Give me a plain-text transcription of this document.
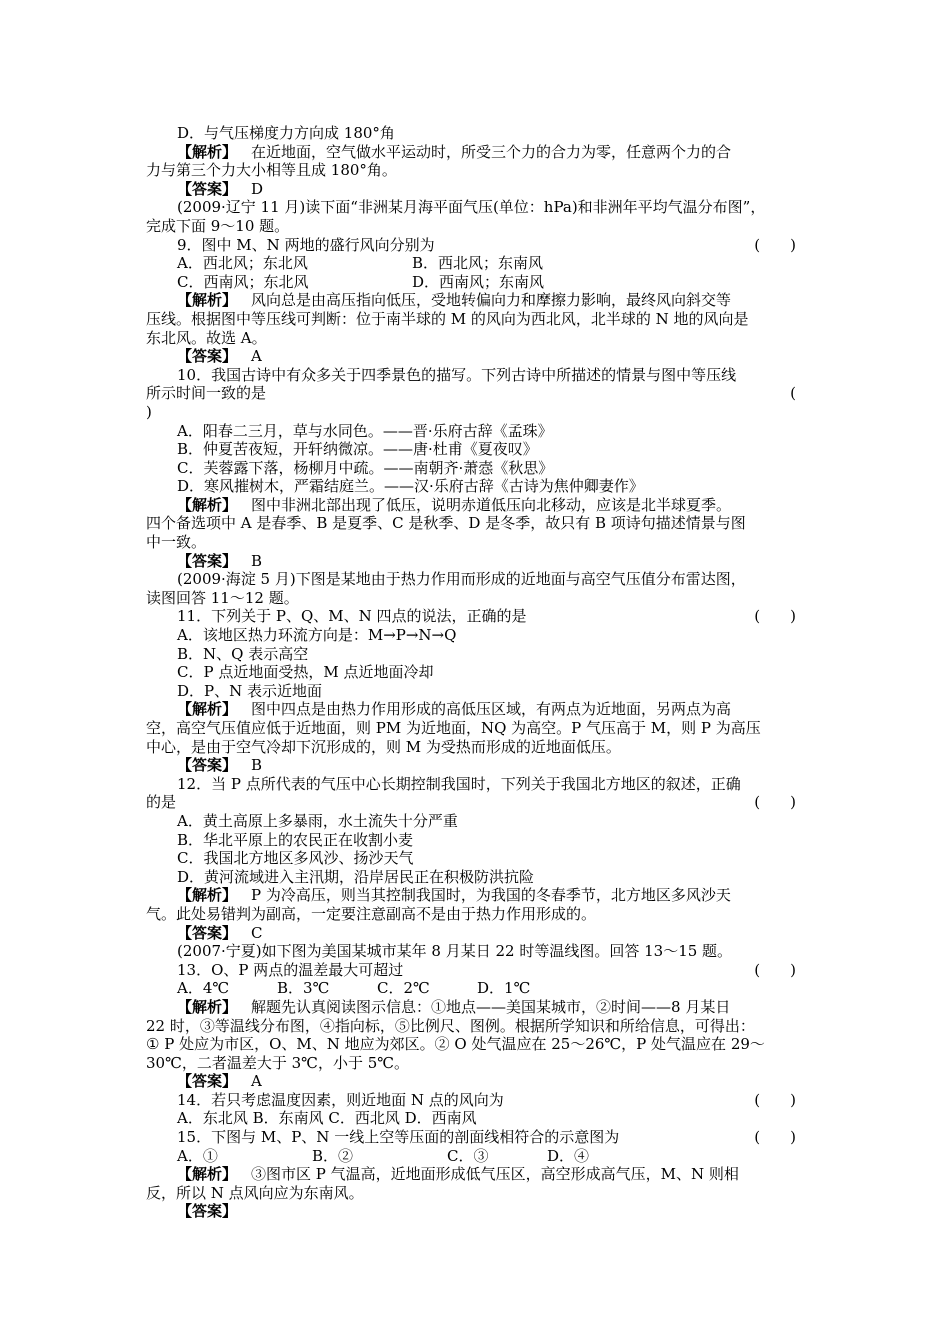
D．与气压梯度力方向成 180°角
【解析】 在近地面，空气做水平运动时，所受三个力的合力为零，任意两个力的合
力与第三个力大小相等且成 180°角。
【答案】 D
(2009·辽宁 11 月)读下面“非洲某月海平面气压(单位：hPa)和非洲年平均气温分布图”，
完成下面 9～10 题。
9．图中 M、N 两地的盛行风向分别为	(　　)
A．西北风；东北风	B．西北风；东南风
C．西南风；东北风	D．西南风；东南风
【解析】 风向总是由高压指向低压，受地转偏向力和摩擦力影响，最终风向斜交等
压线。根据图中等压线可判断：位于南半球的 M 的风向为西北风，北半球的 N 地的风向是
东北风。故选 A。
【答案】 A
10．我国古诗中有众多关于四季景色的描写。下列古诗中所描述的情景与图中等压线
所示时间一致的是	(
)
A．阳春二三月，草与水同色。——晋·乐府古辞《孟珠》
B．仲夏苦夜短，开轩纳微凉。——唐·杜甫《夏夜叹》
C．芙蓉露下落，杨柳月中疏。——南朝齐·萧悫《秋思》
D．寒风摧树木，严霜结庭兰。——汉·乐府古辞《古诗为焦仲卿妻作》
【解析】 图中非洲北部出现了低压，说明赤道低压向北移动，应该是北半球夏季。
四个备选项中 A 是春季、B 是夏季、C 是秋季、D 是冬季，故只有 B 项诗句描述情景与图
中一致。
【答案】 B
(2009·海淀 5 月)下图是某地由于热力作用而形成的近地面与高空气压值分布雷达图，
读图回答 11～12 题。
11．下列关于 P、Q、M、N 四点的说法，正确的是	(　　)
A．该地区热力环流方向是：M→P→N→Q
B．N、Q 表示高空
C．P 点近地面受热，M 点近地面冷却
D．P、N 表示近地面
【解析】 图中四点是由热力作用形成的高低压区域，有两点为近地面，另两点为高
空，高空气压值应低于近地面，则 PM 为近地面，NQ 为高空。P 气压高于 M，则 P 为高压
中心，是由于空气冷却下沉形成的，则 M 为受热而形成的近地面低压。
【答案】 B
12．当 P 点所代表的气压中心长期控制我国时，下列关于我国北方地区的叙述，正确
的是	(　　)
A．黄土高原上多暴雨，水土流失十分严重
B．华北平原上的农民正在收割小麦
C．我国北方地区多风沙、扬沙天气
D．黄河流域进入主汛期，沿岸居民正在积极防洪抗险
【解析】 P 为冷高压，则当其控制我国时，为我国的冬春季节，北方地区多风沙天
气。此处易错判为副高，一定要注意副高不是由于热力作用形成的。
【答案】 C
(2007·宁夏)如下图为美国某城市某年 8 月某日 22 时等温线图。回答 13～15 题。
13．O、P 两点的温差最大可超过	(　　)
A．4℃	B．3℃	C．2℃	D．1℃
【解析】 解题先认真阅读图示信息：①地点——美国某城市，②时间——8 月某日
22 时，③等温线分布图，④指向标，⑤比例尺、图例。根据所学知识和所给信息，可得出：
① P 处应为市区，O、M、N 地应为郊区。② O 处气温应在 25～26℃，P 处气温应在 29～
30℃，二者温差大于 3℃，小于 5℃。
【答案】 A
14．若只考虑温度因素，则近地面 N 点的风向为	(　　)
A．东北风 B．东南风 C．西北风 D．西南风
15．下图与 M、P、N 一线上空等压面的剖面线相符合的示意图为	(　　)
A．①	B．②	C．③	D．④
【解析】 ③图市区 P 气温高，近地面形成低气压区，高空形成高气压，M、N 则相
反，所以 N 点风向应为东南风。
【答案】
